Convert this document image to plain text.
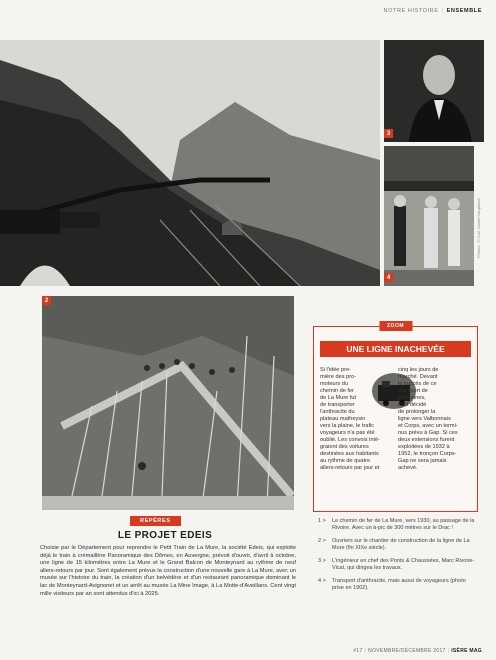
NOTRE HISTOIRE | ENSEMBLE
3
4
Photos : © Coll. Xavier Dauphinot
2
ZOOM
UNE LIGNE INACHEVÉE

Si l'idée pre-
mière des pro-
moteurs du
chemin de fer
de La Mure fut
de transporter
l'anthracite du
plateau matheysin
vers la plaine, le trafic
voyageurs n'a pas été
oublié. Les convois inté-
graient des voitures
destinées aux habitants
au rythme de quatre
allers-retours par jour et

cinq les jours de
marché. Devant
le succès de ce
transport de
personnes,
il fut décidé
de prolonger la
ligne vers Valbonnais
et Corps, avec un termi-
nus prévu à Gap. Si ces
deux extensions furent
exploitées de 1932 à
1952, le tronçon Corps-
Gap ne sera jamais
achevé.

REPÈRES
LE PROJET EDEIS
Choisie par le Département pour reprendre le Petit Train de La Mure, la société Edeis, qui exploite déjà le train à crémaillère Panoramique des Dômes, en Auvergne, prévoit d'ouvrir, d'avril à octobre, une ligne de 15 kilomètres entre La Mure et le Grand Balcon de Monteynard au rythme de neuf allers-retours par jour. Sont également prévus la construction d'une nouvelle gare à La Mure, avec un musée sur l'histoire du train, la création d'un belvédère et d'un restaurant panoramique dominant le lac de Monteynard-Avignonet et un arrêt au musée La Mine Image, à La Motte-d'Aveillans. Cent vingt mille visiteurs par an sont attendus d'ici à 2025.
1 >	Le chemin de fer de La Mure, vers 1930, au passage de la Rivoire. Avec un à-pic de 300 mètres sur le Drac !
2 >	Ouvriers sur le chantier de construction de la ligne de La Mure (fin XIXe siècle).
3 >	L'ingénieur en chef des Ponts & Chaussées, Marc Rivoire-Vicat, qui dirigea les travaux.
4 >	Transport d'anthracite, mais aussi de voyageurs (photo prise en 1902).
#17 | NOVEMBRE/DÉCEMBRE 2017 | ISÈRE MAG
